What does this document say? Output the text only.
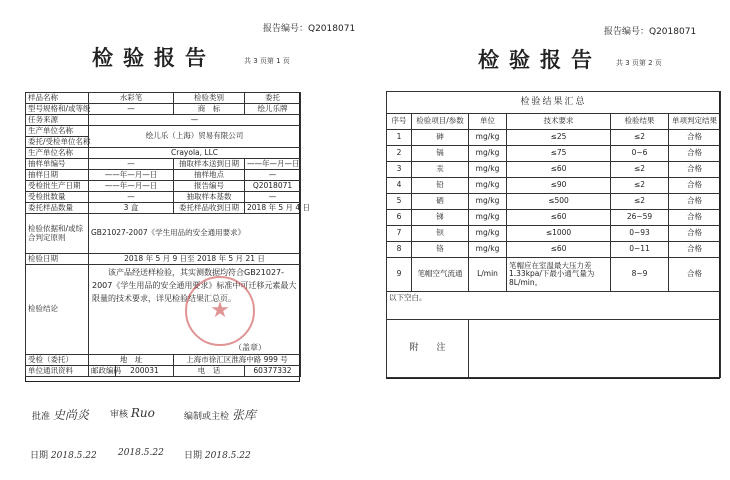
报告编号：Q2018071
检验报告	共 3 页第 1 页
样品名称	水彩笔		检验类别	委托
型号规格和/或等级	—		商　标	绘儿乐牌
任务来源	—			
生产单位名称	绘儿乐（上海）贸易有限公司			
委托/受检单位名称				
生产单位名称	Crayola, LLC			
抽样单编号	—		抽取样本送到日期	——年—月—日
抽样日期	——年—月—日		抽样地点	—
受检批生产日期	——年—月—日		报告编号	Q2018071
受检批数量	—		抽取样本基数	—
委托样品数量	3 盒		委托样品收到日期	2018 年 5 月 4 日
检验依据和/或综合判定原则	GB21027-2007《学生用品的安全通用要求》			
检验日期	2018 年 5 月 9 日至 2018 年 5 月 21 日			
检验结论	该产品经送样检验，其实测数据均符合GB21027-2007《学生用品的安全通用要求》标准中可迁移元素最大限量的技术要求，详见检验结果汇总页。
（盖章）			

受检（委托）	地　址		上海市徐汇区淮海中路 999 号	
单位通讯资料	邮政编码	200031	电　话	60377332
★
批准 史尚炎 审核 Ruo	编制或主检 张库
日期 2018.5.22 2018.5.22 日期 2018.5.22
报告编号：Q2018071
检验报告 共 3 页第 2 页
检验结果汇总					
序号	检验项目/参数	单位	技术要求	检验结果	单项判定结果
1	砷	mg/kg	≤25	≤2	合格
2	镉	mg/kg	≤75	0~6	合格
3	汞	mg/kg	≤60	≤2	合格
4	铅	mg/kg	≤90	≤2	合格
5	硒	mg/kg	≤500	≤2	合格
6	锑	mg/kg	≤60	26~59	合格
7	钡	mg/kg	≤1000	0~93	合格
8	铬	mg/kg	≤60	0~11	合格
9	笔帽空气流通	L/min	笔帽应在室温最大压力差1.33kpa/下最小通气量为8L/min。	8~9	合格
以下空白。					

附　　注					
